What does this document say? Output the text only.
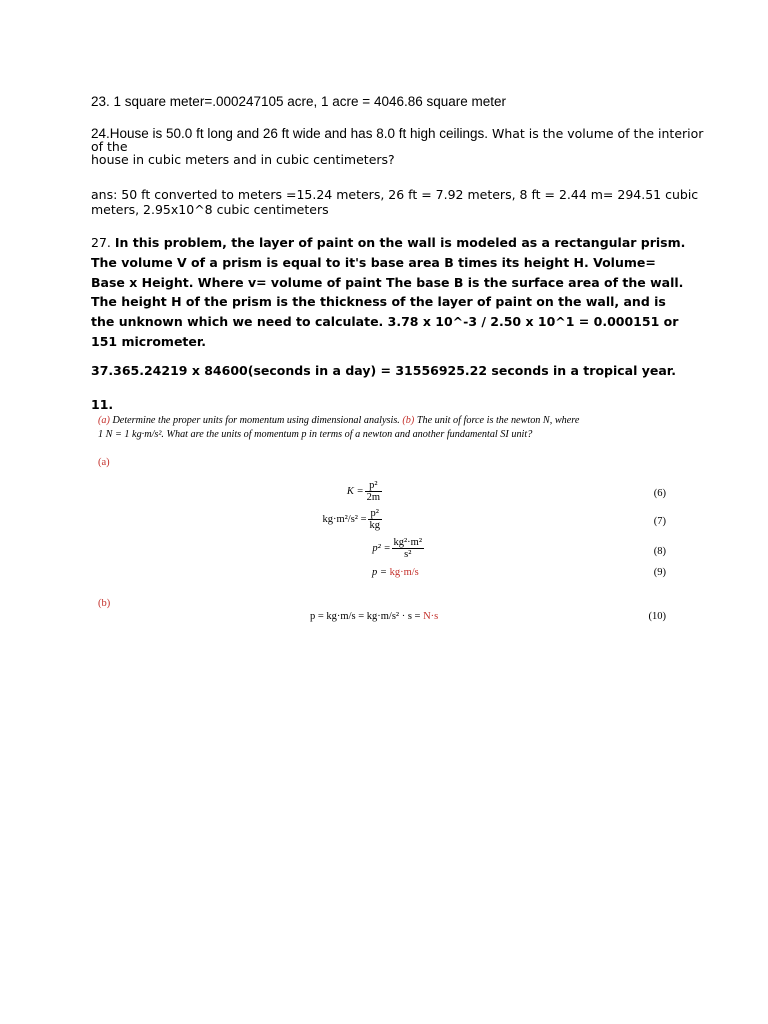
23. 1 square meter=.000247105 acre, 1 acre = 4046.86 square meter
24.House is 50.0 ft long and 26 ft wide and has 8.0 ft high ceilings. What is the volume of the interior of the
house in cubic meters and in cubic centimeters?
ans: 50 ft converted to meters =15.24 meters, 26 ft = 7.92 meters, 8 ft = 2.44 m= 294.51 cubic meters, 2.95x10^8 cubic centimeters
27. In this problem, the layer of paint on the wall is modeled as a rectangular prism. The volume V of a prism is equal to it's base area B times its height H. Volume= Base x Height. Where v= volume of paint The base B is the surface area of the wall. The height H of the prism is the thickness of the layer of paint on the wall, and is the unknown which we need to calculate. 3.78 x 10^-3 / 2.50 x 10^1 = 0.000151 or 151 micrometer.
37.365.24219 x 84600(seconds in a day) = 31556925.22 seconds in a tropical year.
11.
(a) Determine the proper units for momentum using dimensional analysis. (b) The unit of force is the newton N, where
1 N = 1 kg·m/s². What are the units of momentum p in terms of a newton and another fundamental SI unit?
(a)
$K = \frac{\text{p²}}{2m}$	(6)
$kg\cdot m^2/s^2 = \frac{\text{p²}}{kg}$	(7)
$p^2 = \frac{\text{kg²·m²}}{\text{s²}}$	(8)
p = kg·m/s	(9)
(b)
p = kg·m/s = kg·m/s² · s = N·s	(10)
